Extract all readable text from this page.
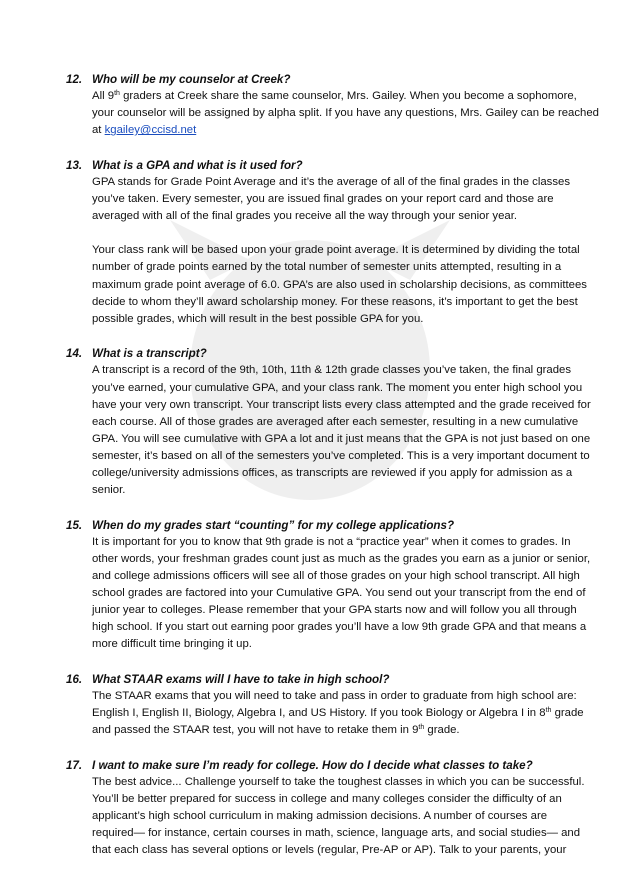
12. Who will be my counselor at Creek?
All 9th graders at Creek share the same counselor, Mrs. Gailey. When you become a sophomore,
your counselor will be assigned by alpha split. If you have any questions, Mrs. Gailey can be reached
at kgailey@ccisd.net
13. What is a GPA and what is it used for?
GPA stands for Grade Point Average and it’s the average of all of the final grades in the classes
you’ve taken. Every semester, you are issued final grades on your report card and those are
averaged with all of the final grades you receive all the way through your senior year.
Your class rank will be based upon your grade point average. It is determined by dividing the total
number of grade points earned by the total number of semester units attempted, resulting in a
maximum grade point average of 6.0. GPA’s are also used in scholarship decisions, as committees
decide to whom they’ll award scholarship money. For these reasons, it’s important to get the best
possible grades, which will result in the best possible GPA for you.
14. What is a transcript?
A transcript is a record of the 9th, 10th, 11th & 12th grade classes you’ve taken, the final grades
you’ve earned, your cumulative GPA, and your class rank. The moment you enter high school you
have your very own transcript. Your transcript lists every class attempted and the grade received for
each course. All of those grades are averaged after each semester, resulting in a new cumulative
GPA. You will see cumulative with GPA a lot and it just means that the GPA is not just based on one
semester, it’s based on all of the semesters you’ve completed. This is a very important document to
college/university admissions offices, as transcripts are reviewed if you apply for admission as a
senior.
15. When do my grades start “counting” for my college applications?
It is important for you to know that 9th grade is not a “practice year” when it comes to grades. In
other words, your freshman grades count just as much as the grades you earn as a junior or senior,
and college admissions officers will see all of those grades on your high school transcript. All high
school grades are factored into your Cumulative GPA. You send out your transcript from the end of
junior year to colleges. Please remember that your GPA starts now and will follow you all through
high school. If you start out earning poor grades you’ll have a low 9th grade GPA and that means a
more difficult time bringing it up.
16. What STAAR exams will I have to take in high school?
The STAAR exams that you will need to take and pass in order to graduate from high school are:
English I, English II, Biology, Algebra I, and US History. If you took Biology or Algebra I in 8th grade
and passed the STAAR test, you will not have to retake them in 9th grade.
17. I want to make sure I’m ready for college. How do I decide what classes to take?
The best advice... Challenge yourself to take the toughest classes in which you can be successful.
You’ll be better prepared for success in college and many colleges consider the difficulty of an
applicant’s high school curriculum in making admission decisions. A number of courses are
required— for instance, certain courses in math, science, language arts, and social studies— and
that each class has several options or levels (regular, Pre-AP or AP). Talk to your parents, your
